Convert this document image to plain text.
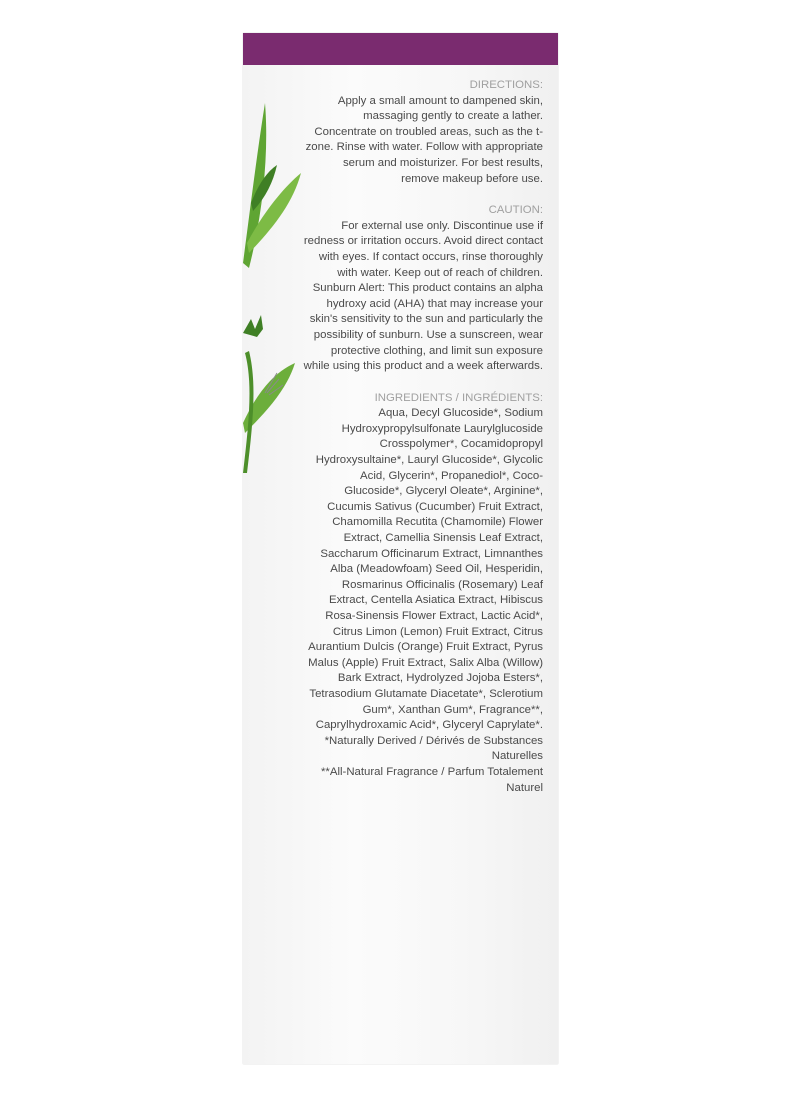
DIRECTIONS:

Apply a small amount to dampened skin, massaging gently to create a lather. Concentrate on troubled areas, such as the t-zone. Rinse with water. Follow with appropriate serum and moisturizer. For best results, remove makeup before use.

CAUTION:

For external use only. Discontinue use if redness or irritation occurs. Avoid direct contact with eyes. If contact occurs, rinse thoroughly with water. Keep out of reach of children. Sunburn Alert: This product contains an alpha hydroxy acid (AHA) that may increase your skin's sensitivity to the sun and particularly the possibility of sunburn. Use a sunscreen, wear protective clothing, and limit sun exposure while using this product and a week afterwards.

INGREDIENTS / INGRÉDIENTS:

Aqua, Decyl Glucoside*, Sodium Hydroxypropylsulfonate Laurylglucoside Crosspolymer*, Cocamidopropyl Hydroxysultaine*, Lauryl Glucoside*, Glycolic Acid, Glycerin*, Propanediol*, Coco-Glucoside*, Glyceryl Oleate*, Arginine*, Cucumis Sativus (Cucumber) Fruit Extract, Chamomilla Recutita (Chamomile) Flower Extract, Camellia Sinensis Leaf Extract, Saccharum Officinarum Extract, Limnanthes Alba (Meadowfoam) Seed Oil, Hesperidin, Rosmarinus Officinalis (Rosemary) Leaf Extract, Centella Asiatica Extract, Hibiscus Rosa-Sinensis Flower Extract, Lactic Acid*, Citrus Limon (Lemon) Fruit Extract, Citrus Aurantium Dulcis (Orange) Fruit Extract, Pyrus Malus (Apple) Fruit Extract, Salix Alba (Willow) Bark Extract, Hydrolyzed Jojoba Esters*, Tetrasodium Glutamate Diacetate*, Sclerotium Gum*, Xanthan Gum*, Fragrance**, Caprylhydroxamic Acid*, Glyceryl Caprylate*.

*Naturally Derived / Dérivés de Substances Naturelles

**All-Natural Fragrance / Parfum Totalement Naturel
